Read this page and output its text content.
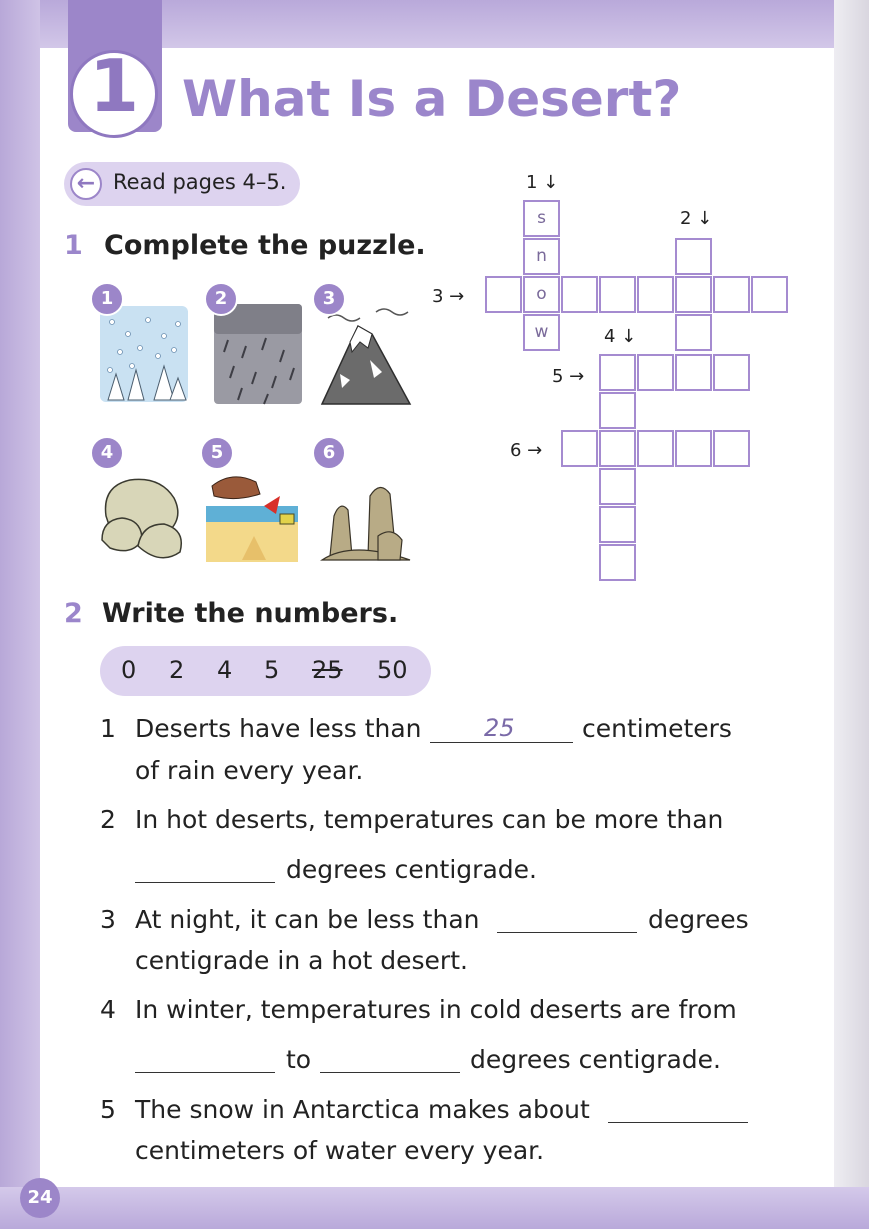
1 What Is a Desert?
← Read pages 4–5.
1 Complete the puzzle.
1	2	3
4	5	6
1 ↓
2 ↓
3 →
4 ↓
5 →
6 →
s
n
w
o
2 Write the numbers.
0 2 4 5 25 50
1 Deserts have less than	25	centimeters
of rain every year.
2 In hot deserts, temperatures can be more than
degrees centigrade.
3 At night, it can be less than	degrees
centigrade in a hot desert.
4 In winter, temperatures in cold deserts are from
to	degrees centigrade.
5 The snow in Antarctica makes about
centimeters of water every year.
24
